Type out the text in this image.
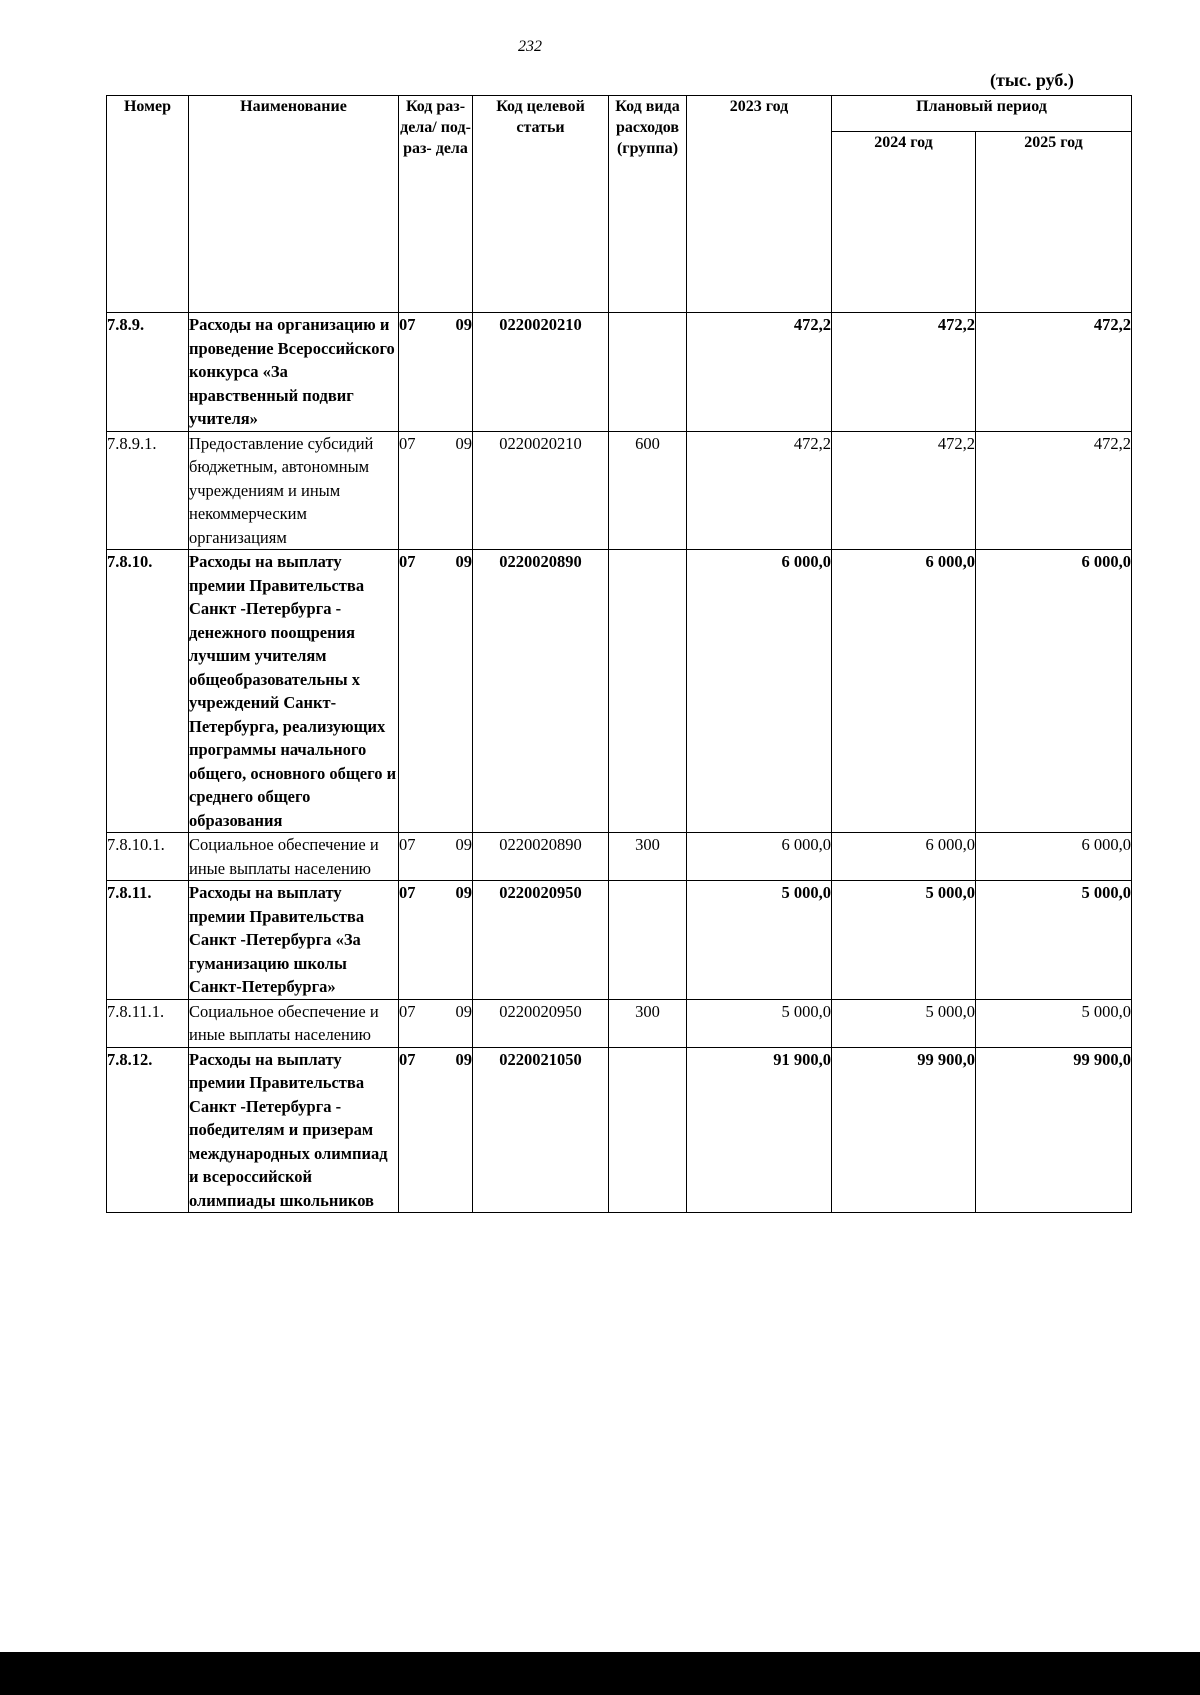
232
(тыс. руб.)
Номер	Наименование	Код раз- дела/ под- раз- дела	Код целевой статьи	Код вида расходов (группа)	2023 год	Плановый период	
						2024 год	2025 год
7.8.9.	Расходы на организацию и проведение Всероссийского конкурса «За нравственный подвиг учителя»	07 09	0220020210		472,2	472,2	472,2
7.8.9.1.	Предоставление субсидий бюджетным, автономным учреждениям и иным некоммерческим организациям	07 09	0220020210	600	472,2	472,2	472,2
7.8.10.	Расходы на выплату премии Правительства Санкт -Петербурга - денежного поощрения лучшим учителям общеобразовательны х учреждений Санкт-Петербурга, реализующих программы начального общего, основного общего и среднего общего образования	07 09	0220020890		6 000,0	6 000,0	6 000,0
7.8.10.1.	Социальное обеспечение и иные выплаты населению	07 09	0220020890	300	6 000,0	6 000,0	6 000,0
7.8.11.	Расходы на выплату премии Правительства Санкт -Петербурга «За гуманизацию школы Санкт-Петербурга»	07 09	0220020950		5 000,0	5 000,0	5 000,0
7.8.11.1.	Социальное обеспечение и иные выплаты населению	07 09	0220020950	300	5 000,0	5 000,0	5 000,0
7.8.12.	Расходы на выплату премии Правительства Санкт -Петербурга - победителям и призерам международных олимпиад и всероссийской олимпиады школьников	07 09	0220021050		91 900,0	99 900,0	99 900,0
